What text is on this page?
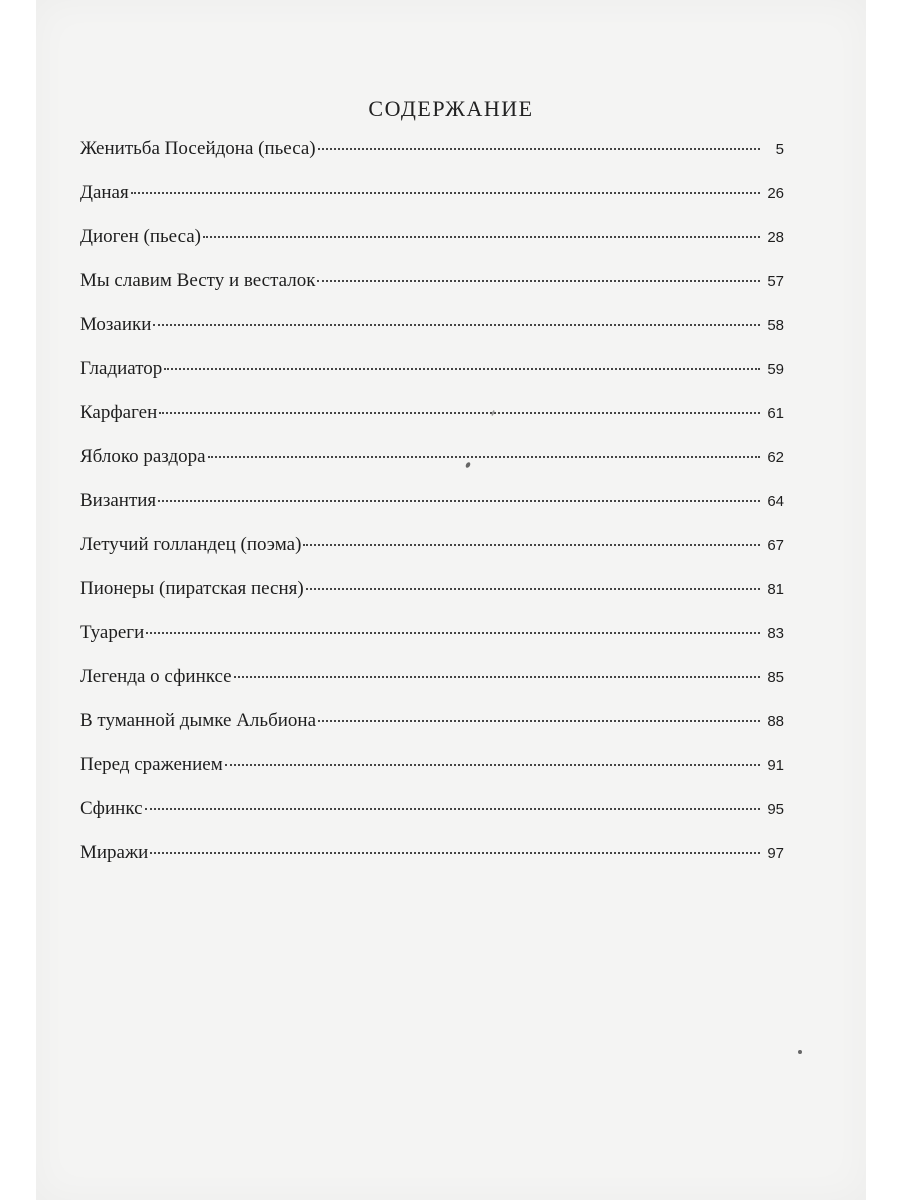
СОДЕРЖАНИЕ
Женитьба Посейдона (пьеса)	5
Даная	26
Диоген (пьеса)	28
Мы славим Весту и весталок	57
Мозаики	58
Гладиатор	59
Карфаген	61
Яблоко раздора	62
Византия	64
Летучий голландец (поэма)	67
Пионеры (пиратская песня)	81
Туареги	83
Легенда о сфинксе	85
В туманной дымке Альбиона	88
Перед сражением	91
Сфинкс	95
Миражи	97
